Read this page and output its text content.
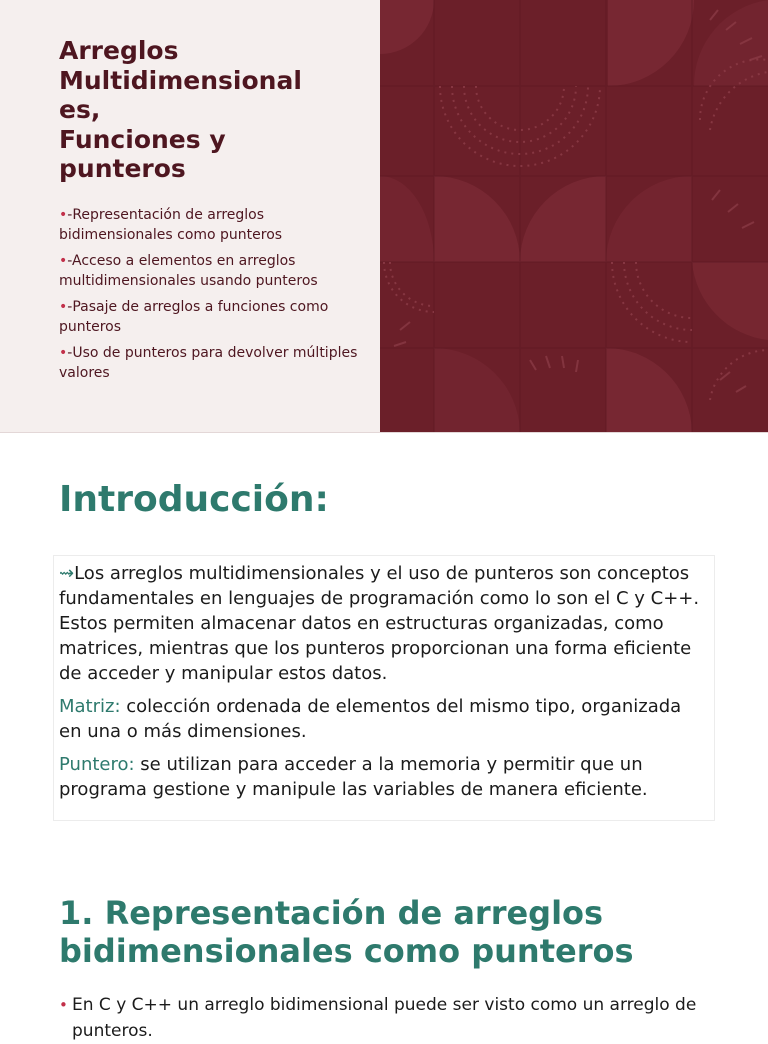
Arreglos
Multidimensional
es,
Funciones y
punteros
•-Representación de arreglos bidimensionales como punteros
•-Acceso a elementos en arreglos multidimensionales usando punteros
•-Pasaje de arreglos a funciones como punteros
•-Uso de punteros para devolver múltiples valores
Introducción:

⇝Los arreglos multidimensionales y el uso de punteros son conceptos fundamentales en lenguajes de programación como lo son el C y C++. Estos permiten almacenar datos en estructuras organizadas, como matrices, mientras que los punteros proporcionan una forma eficiente de acceder y manipular estos datos.

Matriz: colección ordenada de elementos del mismo tipo, organizada en una o más dimensiones.

Puntero: se utilizan para acceder a la memoria y permitir que un programa gestione y manipule las variables de manera eficiente.

1. Representación de arreglos
bidimensionales como punteros
• En C y C++ un arreglo bidimensional puede ser visto como un arreglo de punteros.
